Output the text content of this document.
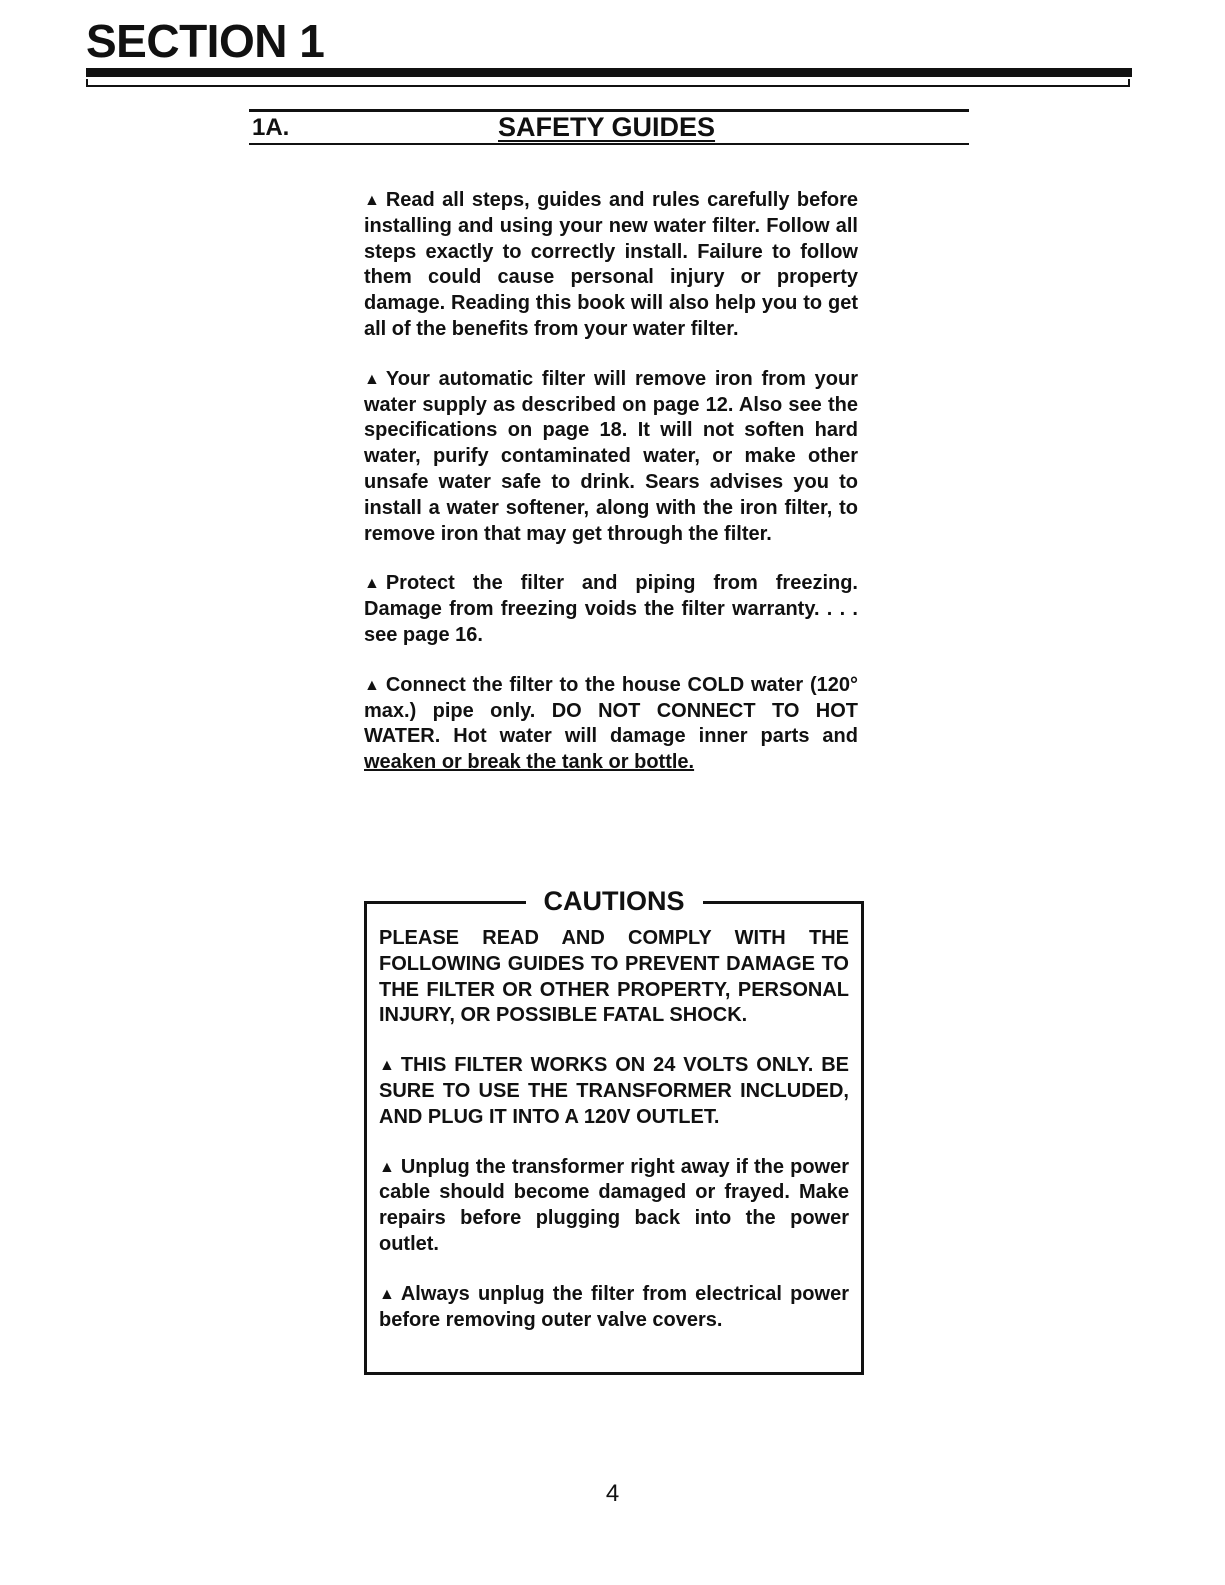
SECTION 1
1A.	SAFETY GUIDES

▲ Read all steps, guides and rules carefully before installing and using your new water filter. Follow all steps exactly to correctly install. Failure to follow them could cause personal injury or property damage. Reading this book will also help you to get all of the benefits from your water filter.

▲ Your automatic filter will remove iron from your water supply as described on page 12. Also see the specifications on page 18. It will not soften hard water, purify contaminated water, or make other unsafe water safe to drink. Sears advises you to install a water softener, along with the iron filter, to remove iron that may get through the filter.

▲ Protect the filter and piping from freezing. Damage from freezing voids the filter warranty. . . . see page 16.

▲ Connect the filter to the house COLD water (120° max.) pipe only. DO NOT CONNECT TO HOT WATER. Hot water will damage inner parts and weaken or break the tank or bottle.

CAUTIONS

PLEASE READ AND COMPLY WITH THE FOLLOWING GUIDES TO PREVENT DAMAGE TO THE FILTER OR OTHER PROPERTY, PERSONAL INJURY, OR POSSIBLE FATAL SHOCK.

▲ THIS FILTER WORKS ON 24 VOLTS ONLY. BE SURE TO USE THE TRANSFORMER INCLUDED, AND PLUG IT INTO A 120V OUTLET.

▲ Unplug the transformer right away if the power cable should become damaged or frayed. Make repairs before plugging back into the power outlet.

▲ Always unplug the filter from electrical power before removing outer valve covers.

4
